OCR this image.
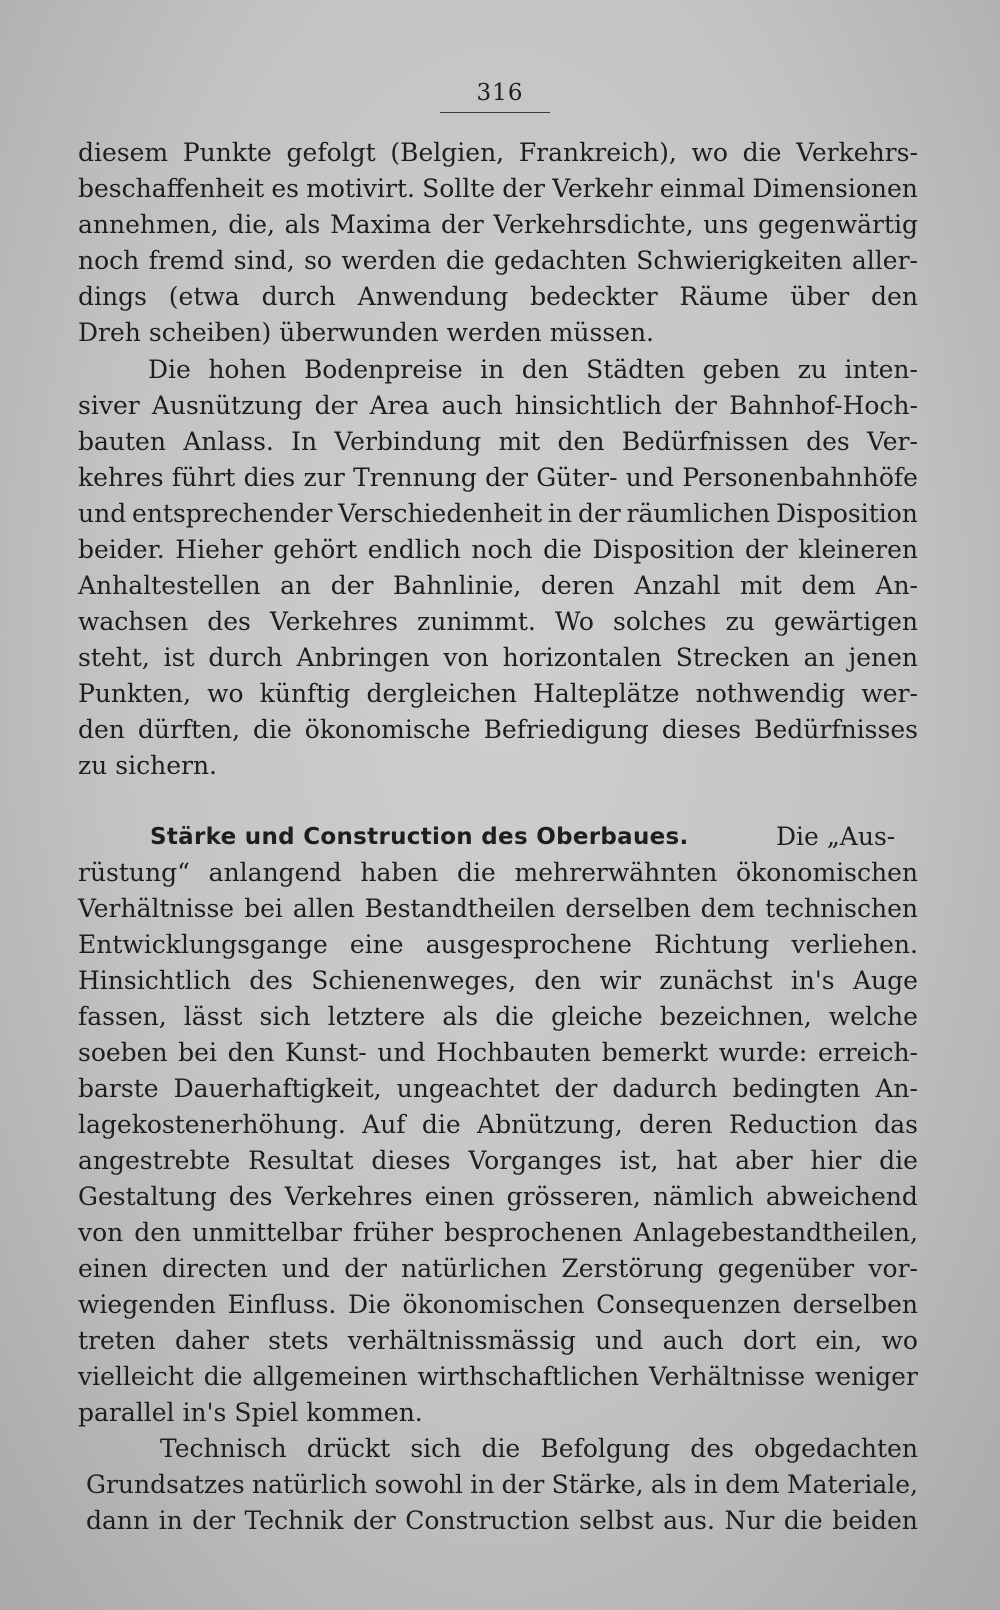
316
diesem Punkte gefolgt (Belgien, Frankreich), wo die Verkehrs-
beschaffenheit es motivirt. Sollte der Verkehr einmal Dimensionen
annehmen, die, als Maxima der Verkehrsdichte, uns gegenwärtig
noch fremd sind, so werden die gedachten Schwierigkeiten aller-
dings (etwa durch Anwendung bedeckter Räume über den
Dreh scheiben) überwunden werden müssen.
Die hohen Bodenpreise in den Städten geben zu inten-
siver Ausnützung der Area auch hinsichtlich der Bahnhof-Hoch-
bauten Anlass. In Verbindung mit den Bedürfnissen des Ver-
kehres führt dies zur Trennung der Güter- und Personenbahnhöfe
und entsprechender Verschiedenheit in der räumlichen Disposition
beider. Hieher gehört endlich noch die Disposition der kleineren
Anhaltestellen an der Bahnlinie, deren Anzahl mit dem An-
wachsen des Verkehres zunimmt. Wo solches zu gewärtigen
steht, ist durch Anbringen von horizontalen Strecken an jenen
Punkten, wo künftig dergleichen Halteplätze nothwendig wer-
den dürften, die ökonomische Befriedigung dieses Bedürfnisses
zu sichern.
Stärke und Construction des Oberbaues.	Die „Aus-
rüstung“ anlangend haben die mehrerwähnten ökonomischen
Verhältnisse bei allen Bestandtheilen derselben dem technischen
Entwicklungsgange eine ausgesprochene Richtung verliehen.
Hinsichtlich des Schienenweges, den wir zunächst in's Auge
fassen, lässt sich letztere als die gleiche bezeichnen, welche
soeben bei den Kunst- und Hochbauten bemerkt wurde: erreich-
barste Dauerhaftigkeit, ungeachtet der dadurch bedingten An-
lagekostenerhöhung. Auf die Abnützung, deren Reduction das
angestrebte Resultat dieses Vorganges ist, hat aber hier die
Gestaltung des Verkehres einen grösseren, nämlich abweichend
von den unmittelbar früher besprochenen Anlagebestandtheilen,
einen directen und der natürlichen Zerstörung gegenüber vor-
wiegenden Einfluss. Die ökonomischen Consequenzen derselben
treten daher stets verhältnissmässig und auch dort ein, wo
vielleicht die allgemeinen wirthschaftlichen Verhältnisse weniger
parallel in's Spiel kommen.
Technisch drückt sich die Befolgung des obgedachten
Grundsatzes natürlich sowohl in der Stärke, als in dem Materiale,
dann in der Technik der Construction selbst aus. Nur die beiden
